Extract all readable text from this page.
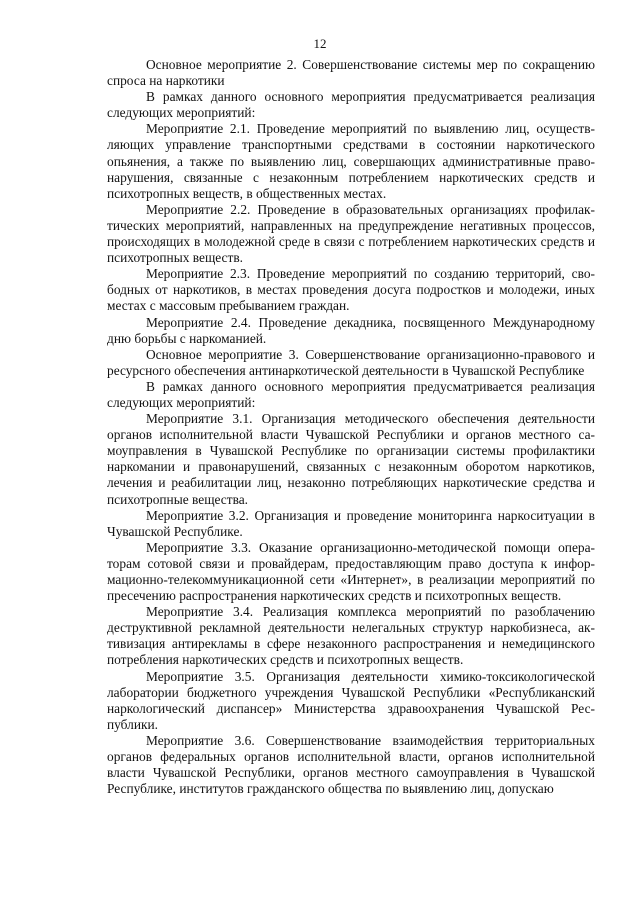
12

Основное мероприятие 2. Совершенствование системы мер по сокращению спроса на наркотики

В рамках данного основного мероприятия предусматривается реализация следующих мероприятий:

Мероприятие 2.1. Проведение мероприятий по выявлению лиц, осуществляющих управление транспортными средствами в состоянии наркотического опьянения, а также по выявлению лиц, совершающих административные правонарушения, связанные с незаконным потреблением наркотических средств и психотропных веществ, в общественных местах.

Мероприятие 2.2. Проведение в образовательных организациях профилактических мероприятий, направленных на предупреждение негативных процессов, происходящих в молодежной среде в связи с потреблением наркотических средств и психотропных веществ.

Мероприятие 2.3. Проведение мероприятий по созданию территорий, свободных от наркотиков, в местах проведения досуга подростков и молодежи, иных местах с массовым пребыванием граждан.

Мероприятие 2.4. Проведение декадника, посвященного Международному дню борьбы с наркоманией.

Основное мероприятие 3. Совершенствование организационно-правового и ресурсного обеспечения антинаркотической деятельности в Чувашской Республике

В рамках данного основного мероприятия предусматривается реализация следующих мероприятий:

Мероприятие 3.1. Организация методического обеспечения деятельности органов исполнительной власти Чувашской Республики и органов местного самоуправления в Чувашской Республике по организации системы профилактики наркомании и правонарушений, связанных с незаконным оборотом наркотиков, лечения и реабилитации лиц, незаконно потребляющих наркотические средства и психотропные вещества.

Мероприятие 3.2. Организация и проведение мониторинга наркоситуации в Чувашской Республике.

Мероприятие 3.3. Оказание организационно-методической помощи операторам сотовой связи и провайдерам, предоставляющим право доступа к информационно-телекоммуникационной сети «Интернет», в реализации мероприятий по пресечению распространения наркотических средств и психотропных веществ.

Мероприятие 3.4. Реализация комплекса мероприятий по разоблачению деструктивной рекламной деятельности нелегальных структур наркобизнеса, активизация антирекламы в сфере незаконного распространения и немедицинского потребления наркотических средств и психотропных веществ.

Мероприятие 3.5. Организация деятельности химико-токсикологической лаборатории бюджетного учреждения Чувашской Республики «Республиканский наркологический диспансер» Министерства здравоохранения Чувашской Республики.

Мероприятие 3.6. Совершенствование взаимодействия территориальных органов федеральных органов исполнительной власти, органов исполнительной власти Чувашской Республики, органов местного самоуправления в Чувашской Республике, институтов гражданского общества по выявлению лиц, допускаю
